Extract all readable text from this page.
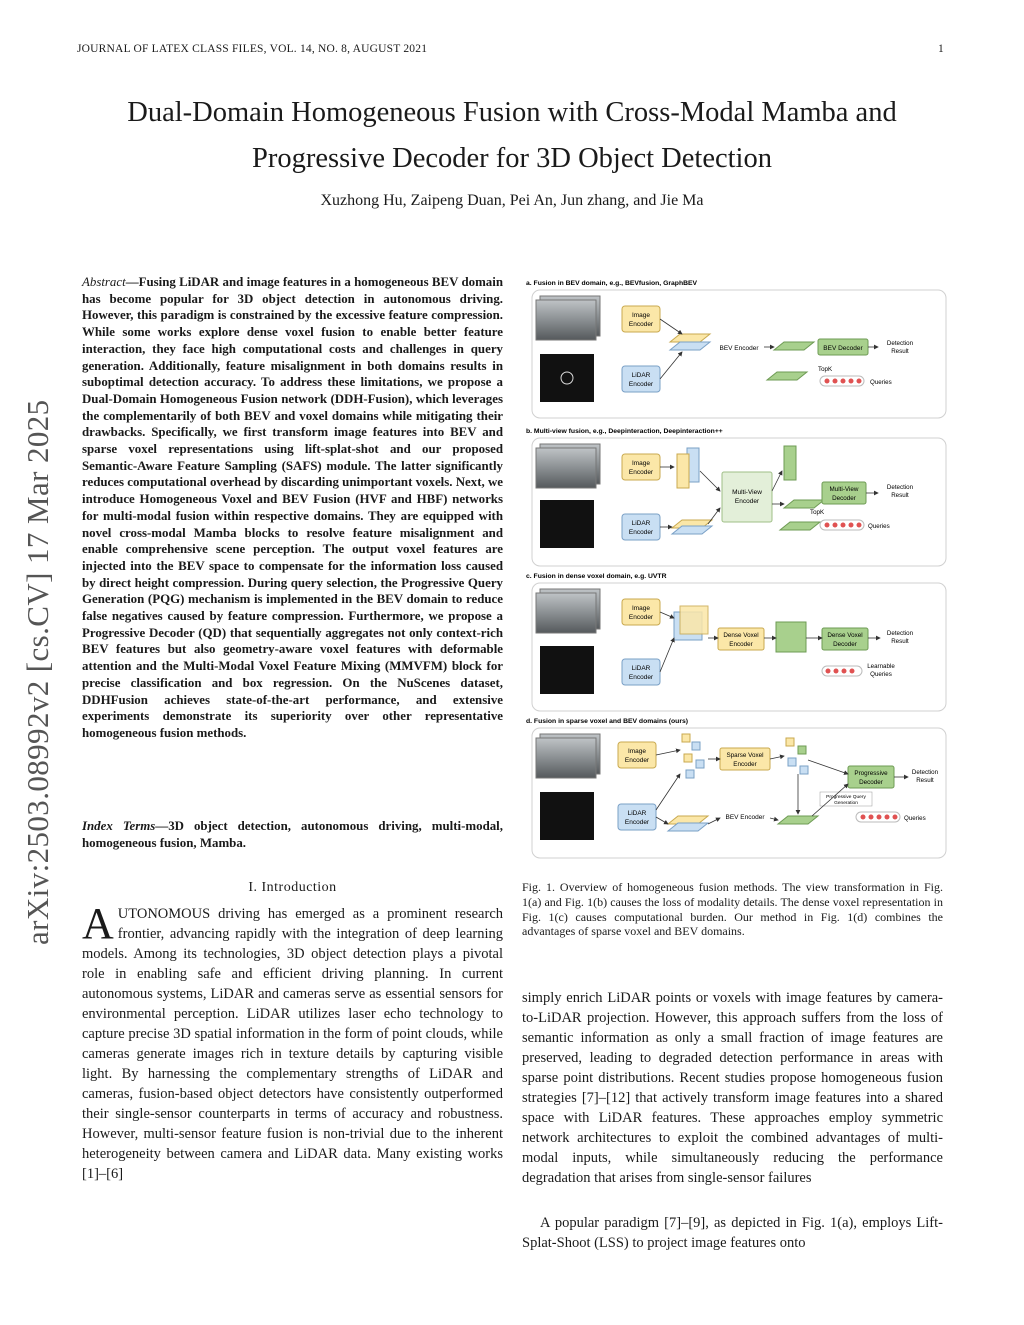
JOURNAL OF LATEX CLASS FILES, VOL. 14, NO. 8, AUGUST 2021	1
Dual-Domain Homogeneous Fusion with Cross-Modal Mamba and
Progressive Decoder for 3D Object Detection
Xuzhong Hu, Zaipeng Duan, Pei An, Jun zhang, and Jie Ma
arXiv:2503.08992v2 [cs.CV] 17 Mar 2025
Abstract—Fusing LiDAR and image features in a homogeneous BEV domain has become popular for 3D object detection in autonomous driving. However, this paradigm is constrained by the excessive feature compression. While some works explore dense voxel fusion to enable better feature interaction, they face high computational costs and challenges in query generation. Additionally, feature misalignment in both domains results in suboptimal detection accuracy. To address these limitations, we propose a Dual-Domain Homogeneous Fusion network (DDH-Fusion), which leverages the complementarily of both BEV and voxel domains while mitigating their drawbacks. Specifically, we first transform image features into BEV and sparse voxel representations using lift-splat-shot and our proposed Semantic-Aware Feature Sampling (SAFS) module. The latter significantly reduces computational overhead by discarding unimportant voxels. Next, we introduce Homogeneous Voxel and BEV Fusion (HVF and HBF) networks for multi-modal fusion within respective domains. They are equipped with novel cross-modal Mamba blocks to resolve feature misalignment and enable comprehensive scene perception. The output voxel features are injected into the BEV space to compensate for the information loss caused by direct height compression. During query selection, the Progressive Query Generation (PQG) mechanism is implemented in the BEV domain to reduce false negatives caused by feature compression. Furthermore, we propose a Progressive Decoder (QD) that sequentially aggregates not only context-rich BEV features but also geometry-aware voxel features with deformable attention and the Multi-Modal Voxel Feature Mixing (MMVFM) block for precise classification and box regression. On the NuScenes dataset, DDHFusion achieves state-of-the-art performance, and extensive experiments demonstrate its superiority over other representative homogeneous fusion methods.
Index Terms—3D object detection, autonomous driving, multi-modal, homogeneous fusion, Mamba.
I. Introduction
AUTONOMOUS driving has emerged as a prominent research frontier, advancing rapidly with the integration of deep learning models. Among its technologies, 3D object detection plays a pivotal role in enabling safe and efficient driving planning. In current autonomous systems, LiDAR and cameras serve as essential sensors for environmental perception. LiDAR utilizes laser echo technology to capture precise 3D spatial information in the form of point clouds, while cameras generate images rich in texture details by capturing visible light. By harnessing the complementary strengths of LiDAR and cameras, fusion-based object detectors have consistently outperformed their single-sensor counterparts in terms of accuracy and robustness. However, multi-sensor feature fusion is non-trivial due to the inherent heterogeneity between camera and LiDAR data. Many existing works [1]–[6]
a. Fusion in BEV domain, e.g., BEVfusion, GraphBEV
Image
Encoder
LiDAR
Encoder
BEV Encoder	BEV Decoder
Detection
Result
TopK
Queries
b. Multi-view fusion, e.g., Deepinteraction, Deepinteraction++
Image
Encoder
LiDAR
Encoder
Multi-View
Encoder
Multi-View
Decoder
Detection
Result
TopK
Queries
c. Fusion in dense voxel domain, e.g. UVTR
Image
Encoder
LiDAR
Encoder
Dense Voxel
Encoder
Dense Voxel
Decoder
Detection
Result
Learnable
Queries
d. Fusion in sparse voxel and BEV domains (ours)
Image
Encoder
LiDAR
Encoder
Sparse Voxel
Encoder
BEV Encoder
Progressive
Decoder
Detection
Result
Progressive Query
Generation
Queries
Fig. 1. Overview of homogeneous fusion methods. The view transformation in Fig. 1(a) and Fig. 1(b) causes the loss of modality details. The dense voxel representation in Fig. 1(c) causes computational burden. Our method in Fig. 1(d) combines the advantages of sparse voxel and BEV domains.
simply enrich LiDAR points or voxels with image features by camera-to-LiDAR projection. However, this approach suffers from the loss of semantic information as only a small fraction of image features are preserved, leading to degraded detection performance in areas with sparse point distributions. Recent studies propose homogeneous fusion strategies [7]–[12] that actively transform image features into a shared space with LiDAR features. These approaches employ symmetric network architectures to exploit the combined advantages of multi-modal inputs, while simultaneously reducing the performance degradation that arises from single-sensor failures
A popular paradigm [7]–[9], as depicted in Fig. 1(a), employs Lift-Splat-Shoot (LSS) to project image features onto
